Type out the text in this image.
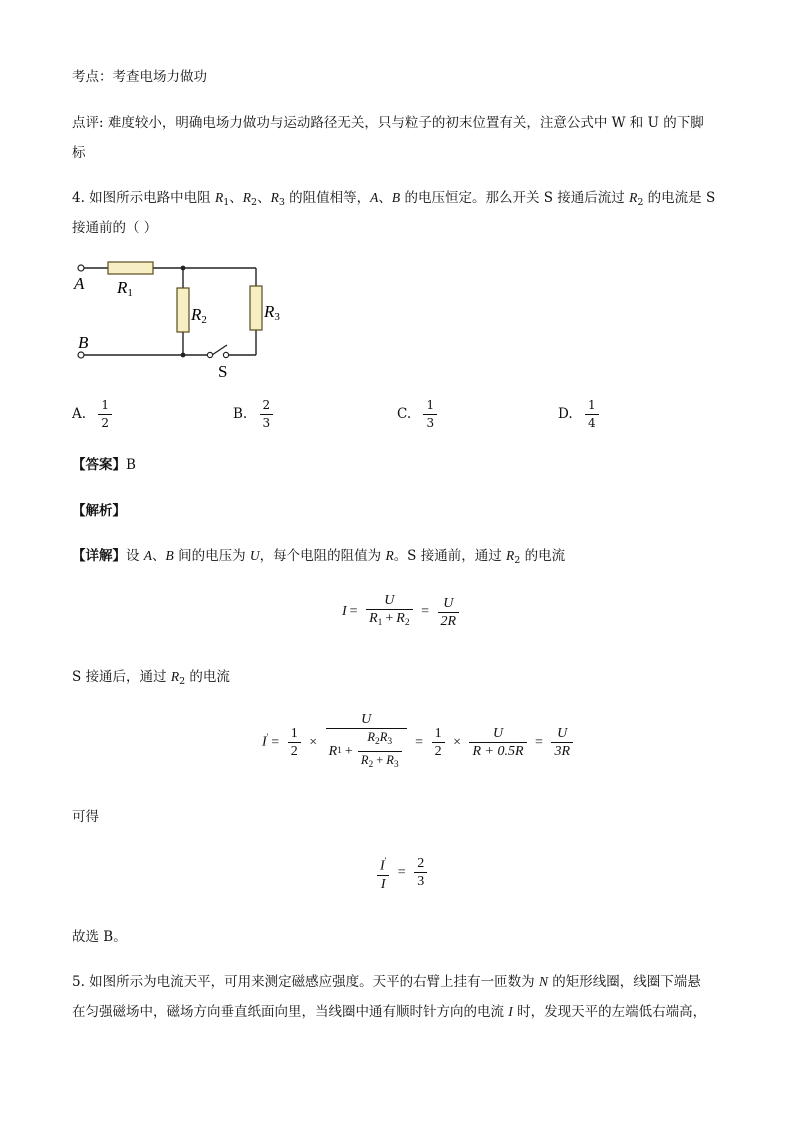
考点：考查电场力做功
点评: 难度较小，明确电场力做功与运动路径无关，只与粒子的初末位置有关，注意公式中 W 和 U 的下脚
标
4. 如图所示电路中电阻 $R_1$、$R_2$、$R_3$ 的阻值相等，A、B 的电压恒定。那么开关 S 接通后流过 $R_2$ 的电流是 S
接通前的（ ）
A
B
R1
R2	R3
S
A. $\frac{1}{2}$	B. $\frac{2}{3}$	C. $\frac{1}{3}$	D. $\frac{1}{4}$
【答案】B
【解析】
【详解】设 A、B 间的电压为 U，每个电阻的阻值为 R。S 接通前，通过 $R_2$ 的电流
$I = \frac{U}{R_1 + R_2} = \frac{U}{2R}$
S 接通后，通过 $R_2$ 的电流
$I' = \frac{1}{2} \times \frac{U}{R 1 + \frac{R_2R_3}{R_2 + R_3}} = \frac{1}{2} \times \frac{U}{R + 0.5R} = \frac{U}{3R}$
可得
$\frac{I'}{I} = \frac{2}{3}$
故选 B。
5. 如图所示为电流天平，可用来测定磁感应强度。天平的右臂上挂有一匝数为 N 的矩形线圈，线圈下端悬
在匀强磁场中，磁场方向垂直纸面向里，当线圈中通有顺时针方向的电流 I 时，发现天平的左端低右端高，
